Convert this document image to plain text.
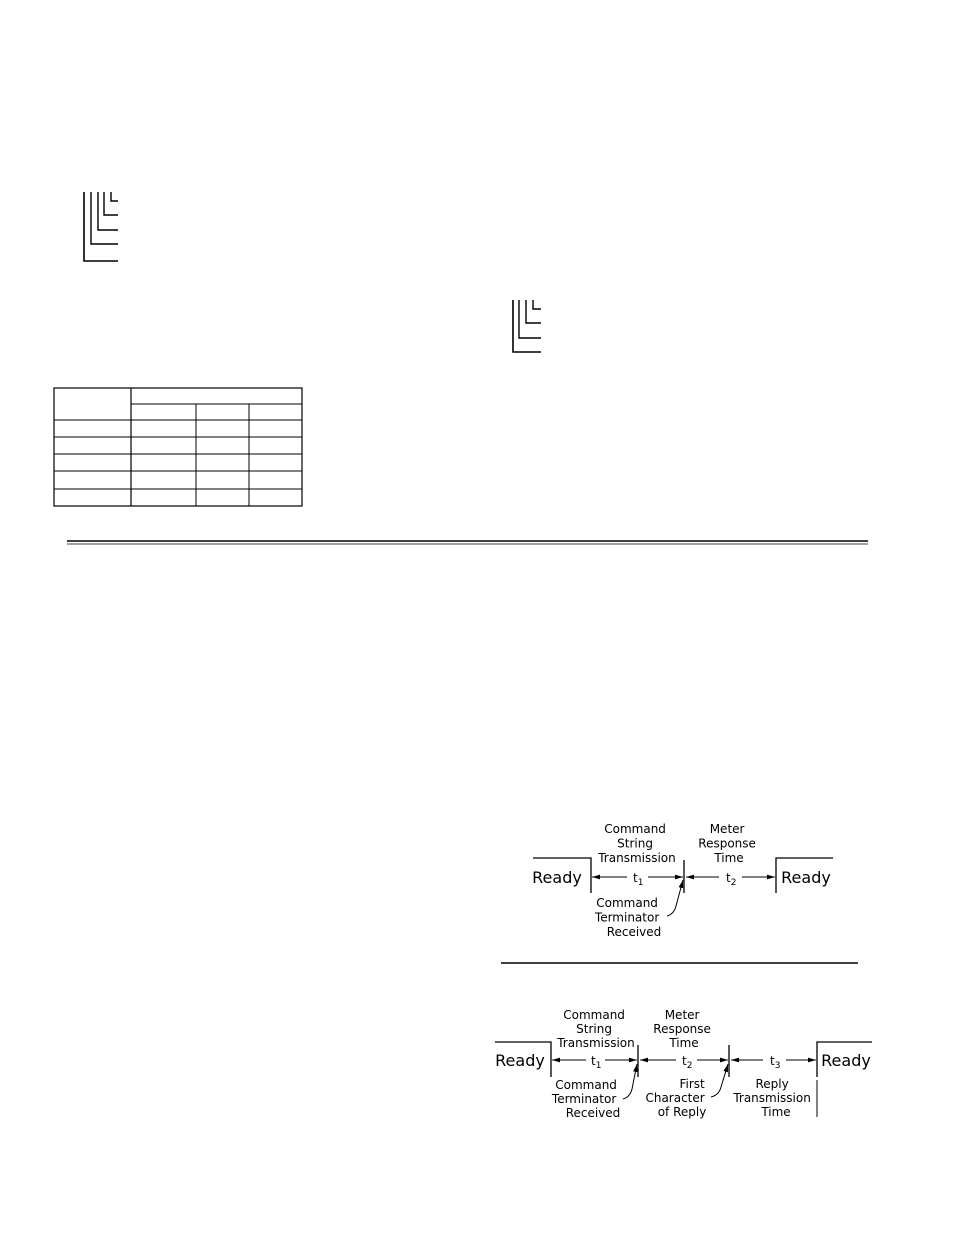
Ready	Ready
$t_1$	$t_2$
Command String Transmission
Meter Response Time
Command Terminator Received
Ready	Ready
$t_1$	$t_2$	$t_3$
Command String Transmission
Meter Response Time
Command Terminator Received
First Character of Reply
Reply Transmission Time
